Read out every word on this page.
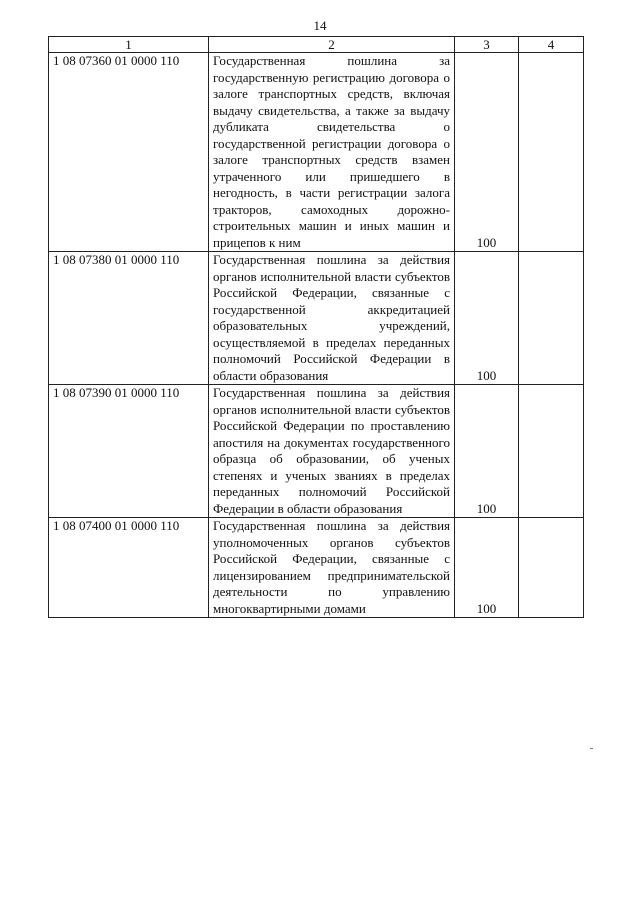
14
1	2	3	4
1 08 07360 01 0000 110	Государственная пошлина за государственную регистрацию договора о залоге транспортных средств, включая выдачу свидетельства, а также за выдачу дубликата свидетельства о государственной регистрации договора о залоге транспортных средств взамен утраченного или пришедшего в негодность, в части регистрации залога тракторов, самоходных дорожно-строительных машин и иных машин и прицепов к ним	100	
1 08 07380 01 0000 110	Государственная пошлина за действия органов исполнительной власти субъектов Российской Федерации, связанные с государственной аккредитацией образовательных учреждений, осуществляемой в пределах переданных полномочий Российской Федерации в области образования	100	
1 08 07390 01 0000 110	Государственная пошлина за действия органов исполнительной власти субъектов Российской Федерации по проставлению апостиля на документах государственного образца об образовании, об ученых степенях и ученых званиях в пределах переданных полномочий Российской Федерации в области образования	100	
1 08 07400 01 0000 110	Государственная пошлина за действия уполномоченных органов субъектов Российской Федерации, связанные с лицензированием предпринимательской деятельности по управлению многоквартирными домами	100	
